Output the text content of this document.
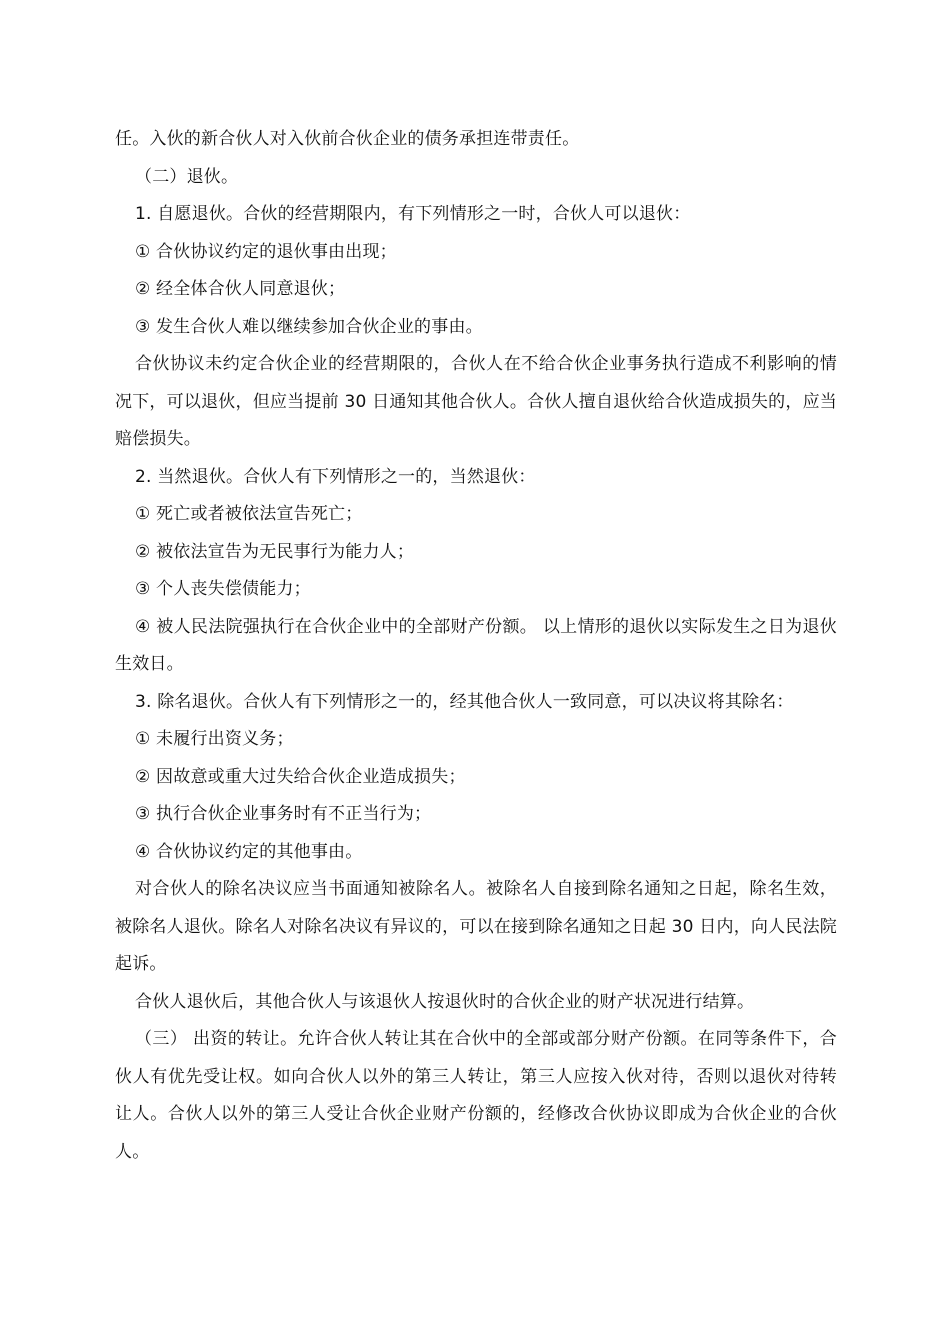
任。入伙的新合伙人对入伙前合伙企业的债务承担连带责任。

（二）退伙。

1. 自愿退伙。合伙的经营期限内，有下列情形之一时，合伙人可以退伙：

① 合伙协议约定的退伙事由出现；

② 经全体合伙人同意退伙；

③ 发生合伙人难以继续参加合伙企业的事由。

合伙协议未约定合伙企业的经营期限的，合伙人在不给合伙企业事务执行造成不利影响的情况下，可以退伙，但应当提前 30 日通知其他合伙人。合伙人擅自退伙给合伙造成损失的，应当赔偿损失。

2. 当然退伙。合伙人有下列情形之一的，当然退伙：

① 死亡或者被依法宣告死亡；

② 被依法宣告为无民事行为能力人；

③ 个人丧失偿债能力；

④ 被人民法院强执行在合伙企业中的全部财产份额。 以上情形的退伙以实际发生之日为退伙生效日。

3. 除名退伙。合伙人有下列情形之一的，经其他合伙人一致同意，可以决议将其除名：

① 未履行出资义务；

② 因故意或重大过失给合伙企业造成损失；

③ 执行合伙企业事务时有不正当行为；

④ 合伙协议约定的其他事由。

对合伙人的除名决议应当书面通知被除名人。被除名人自接到除名通知之日起，除名生效，被除名人退伙。除名人对除名决议有异议的，可以在接到除名通知之日起 30 日内，向人民法院起诉。

合伙人退伙后，其他合伙人与该退伙人按退伙时的合伙企业的财产状况进行结算。

（三） 出资的转让。允许合伙人转让其在合伙中的全部或部分财产份额。在同等条件下，合伙人有优先受让权。如向合伙人以外的第三人转让，第三人应按入伙对待，否则以退伙对待转让人。合伙人以外的第三人受让合伙企业财产份额的，经修改合伙协议即成为合伙企业的合伙人。
